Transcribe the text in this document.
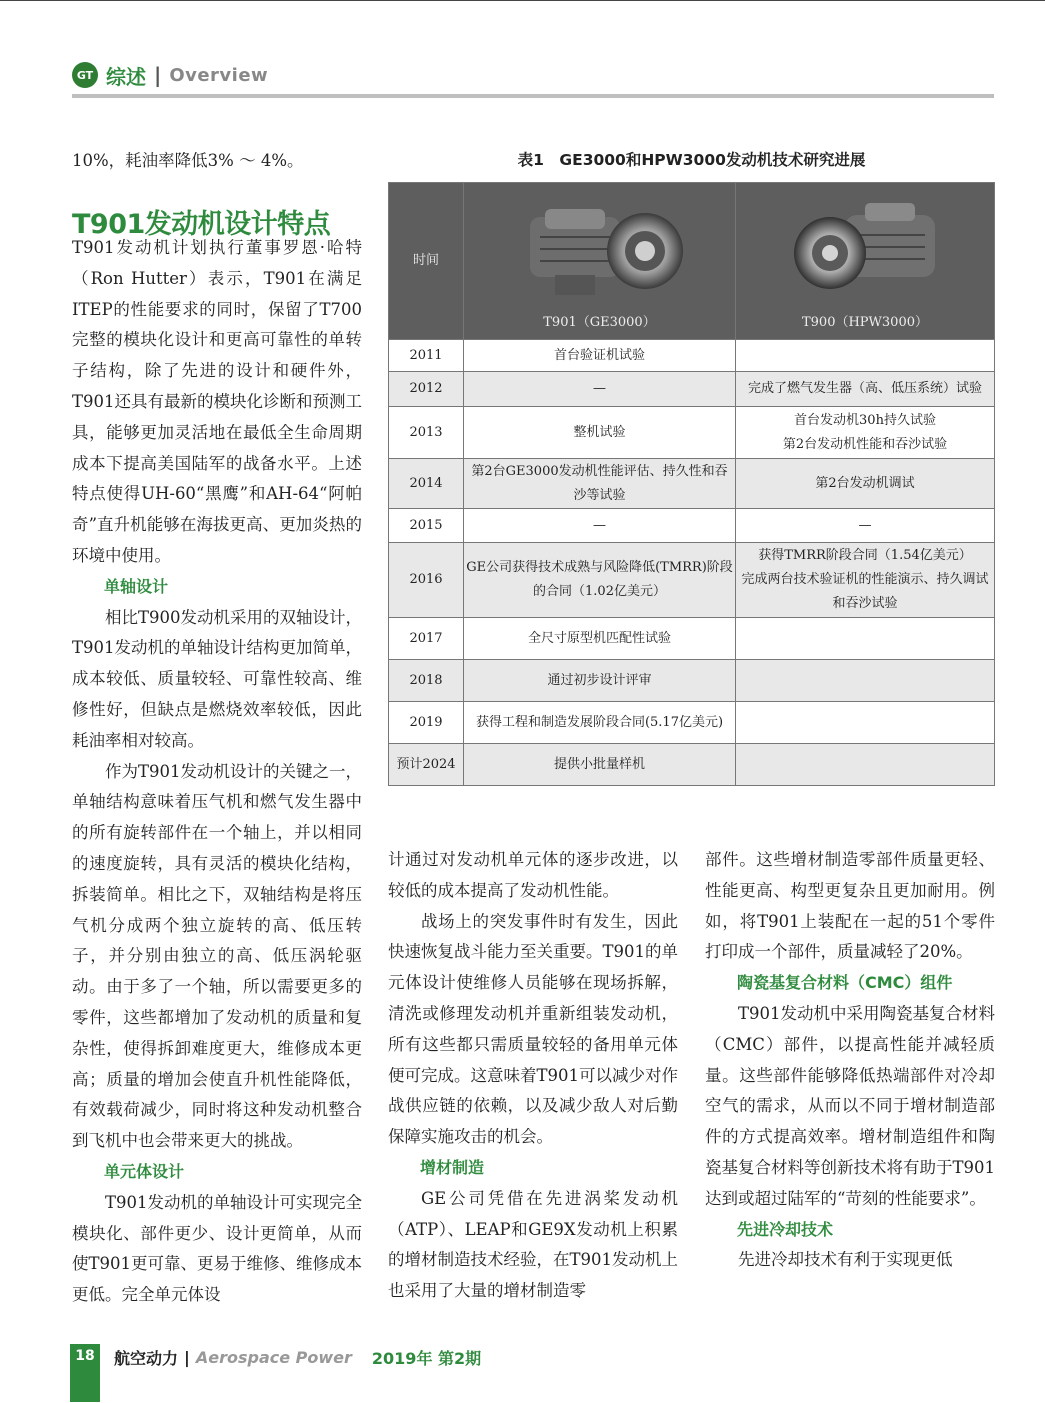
GT 综述 | Overview

10%，耗油率降低3% ～ 4%。

T901发动机设计特点

T901发动机计划执行董事罗恩·哈特（Ron Hutter）表示，T901在满足ITEP的性能要求的同时，保留了T700完整的模块化设计和更高可靠性的单转子结构，除了先进的设计和硬件外，T901还具有最新的模块化诊断和预测工具，能够更加灵活地在最低全生命周期成本下提高美国陆军的战备水平。上述特点使得UH-60“黑鹰”和AH-64“阿帕奇”直升机能够在海拔更高、更加炎热的环境中使用。

单轴设计

相比T900发动机采用的双轴设计，T901发动机的单轴设计结构更加简单，成本较低、质量较轻、可靠性较高、维修性好，但缺点是燃烧效率较低，因此耗油率相对较高。

作为T901发动机设计的关键之一，单轴结构意味着压气机和燃气发生器中的所有旋转部件在一个轴上，并以相同的速度旋转，具有灵活的模块化结构，拆装简单。相比之下，双轴结构是将压气机分成两个独立旋转的高、低压转子，并分别由独立的高、低压涡轮驱动。由于多了一个轴，所以需要更多的零件，这些都增加了发动机的质量和复杂性，使得拆卸难度更大，维修成本更高；质量的增加会使直升机性能降低，有效载荷减少，同时将这种发动机整合到飞机中也会带来更大的挑战。

单元体设计

T901发动机的单轴设计可实现完全模块化、部件更少、设计更简单，从而使T901更可靠、更易于维修、维修成本更低。完全单元体设

表1　GE3000和HPW3000发动机技术研究进展
时间	T901（GE3000）	T900（HPW3000）

2011	首台验证机试验	
2012	—	完成了燃气发生器（高、低压系统）试验
2013	整机试验	首台发动机30h持久试验
第2台发动机性能和吞沙试验
2014	第2台GE3000发动机性能评估、持久性和吞沙等试验	第2台发动机调试
2015	—	—
2016	GE公司获得技术成熟与风险降低(TMRR)阶段的合同（1.02亿美元）	获得TMRR阶段合同（1.54亿美元）
完成两台技术验证机的性能演示、持久调试和吞沙试验
2017	全尺寸原型机匹配性试验	
2018	通过初步设计评审	
2019	获得工程和制造发展阶段合同(5.17亿美元)	
预计2024	提供小批量样机	

计通过对发动机单元体的逐步改进，以较低的成本提高了发动机性能。

战场上的突发事件时有发生，因此快速恢复战斗能力至关重要。T901的单元体设计使维修人员能够在现场拆解，清洗或修理发动机并重新组装发动机，所有这些都只需质量较轻的备用单元体便可完成。这意味着T901可以减少对作战供应链的依赖，以及减少敌人对后勤保障实施攻击的机会。

增材制造

GE公司凭借在先进涡桨发动机（ATP）、LEAP和GE9X发动机上积累的增材制造技术经验，在T901发动机上也采用了大量的增材制造零

部件。这些增材制造零部件质量更轻、性能更高、构型更复杂且更加耐用。例如，将T901上装配在一起的51个零件打印成一个部件，质量减轻了20%。

陶瓷基复合材料（CMC）组件

T901发动机中采用陶瓷基复合材料（CMC）部件，以提高性能并减轻质量。这些部件能够降低热端部件对冷却空气的需求，从而以不同于增材制造部件的方式提高效率。增材制造组件和陶瓷基复合材料等创新技术将有助于T901达到或超过陆军的“苛刻的性能要求”。

先进冷却技术

先进冷却技术有利于实现更低

18	航空动力 | Aerospace Power 2019年 第2期
